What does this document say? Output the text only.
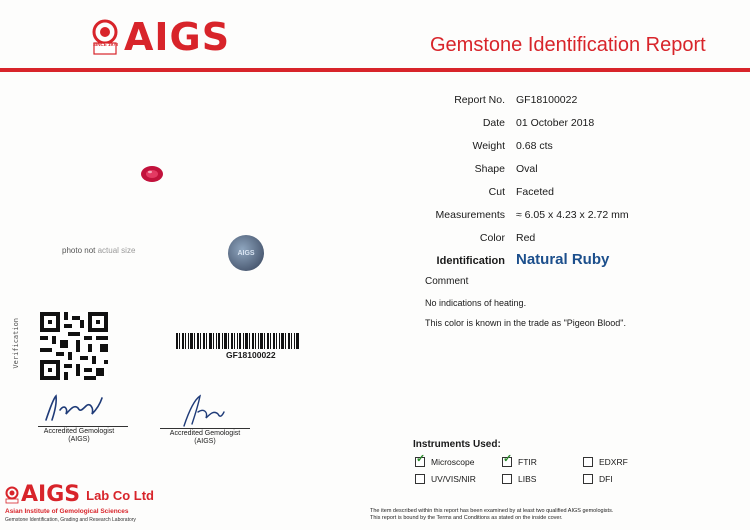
AIGS
SINCE 1978	Gemstone Identification Report
Report No. GF18100022
Date 01 October 2018
Weight 0.68 cts
Shape Oval
Cut Faceted
Measurements ≈ 6.05 x 4.23 x 2.72 mm
Color Red
Identification Natural Ruby
Comment
No indications of heating.
This color is known in the trade as "Pigeon Blood".
photo not actual size	AIGS
Verification	GF18100022
Accredited Gemologist
(AIGS)
Accredited Gemologist
(AIGS)	Instruments Used:
✓ Microscope	✓ FTIR	EDXRF
UV/VIS/NIR	LIBS	DFI
The item described within this report has been examined by at least two qualified AIGS gemologists.
This report is bound by the Terms and Conditions as stated on the inside cover.
AIGS Lab Co Ltd
Asian Institute of Gemological Sciences
Gemstone Identification, Grading and Research Laboratory
